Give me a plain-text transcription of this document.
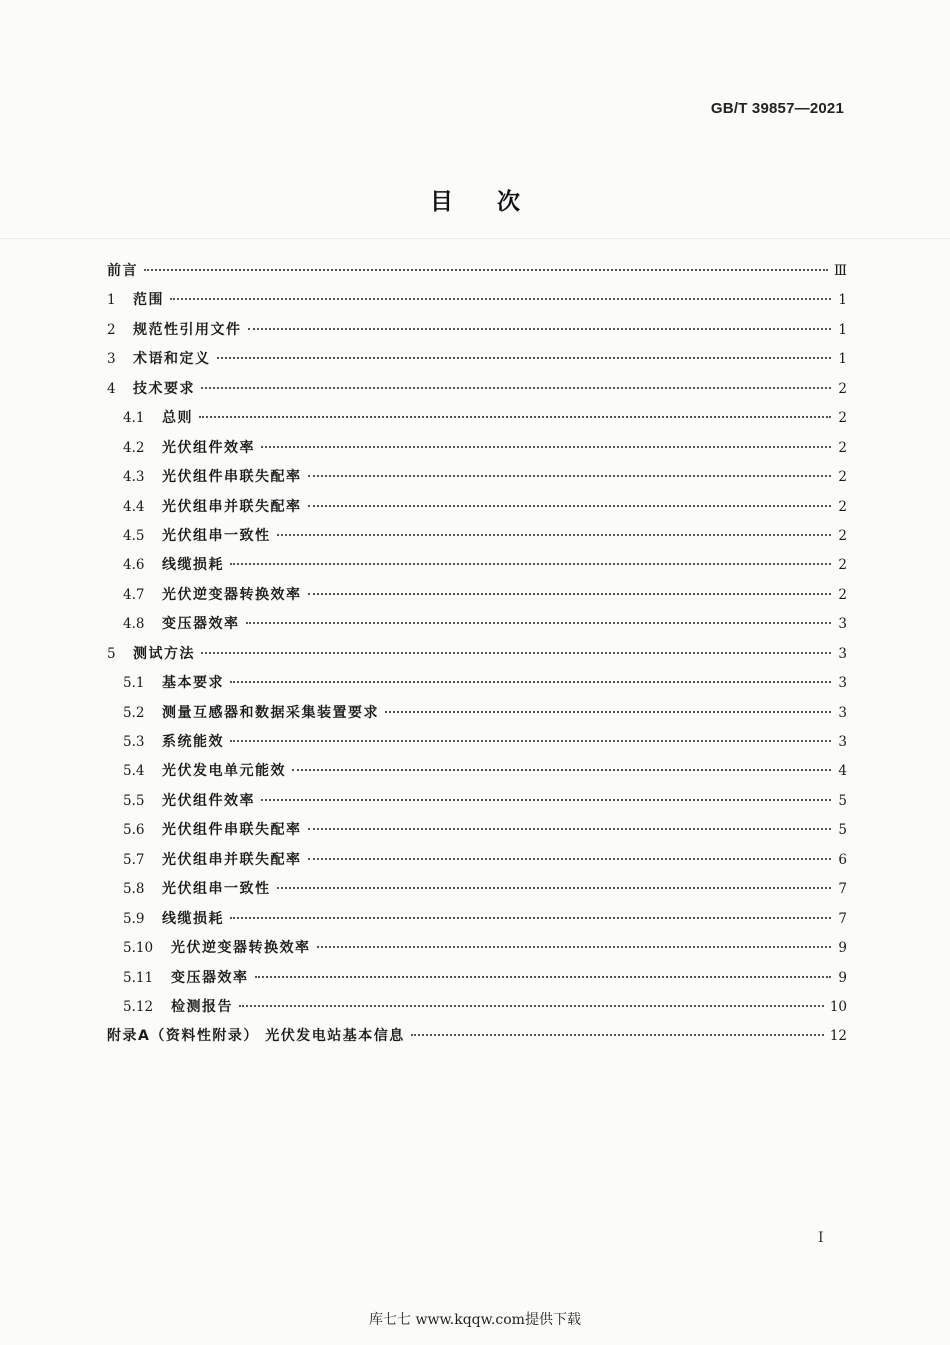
GB/T 39857—2021
目次
前言	Ⅲ
1	范围	1
2	规范性引用文件	1
3	术语和定义	1
4	技术要求	2
4.1	总则	2
4.2	光伏组件效率	2
4.3	光伏组件串联失配率	2
4.4	光伏组串并联失配率	2
4.5	光伏组串一致性	2
4.6	线缆损耗	2
4.7	光伏逆变器转换效率	2
4.8	变压器效率	3
5	测试方法	3
5.1	基本要求	3
5.2	测量互感器和数据采集装置要求	3
5.3	系统能效	3
5.4	光伏发电单元能效	4
5.5	光伏组件效率	5
5.6	光伏组件串联失配率	5
5.7	光伏组串并联失配率	6
5.8	光伏组串一致性	7
5.9	线缆损耗	7
5.10	光伏逆变器转换效率	9
5.11	变压器效率	9
5.12	检测报告	10
附录A（资料性附录） 光伏发电站基本信息	12
I
库七七 www.kqqw.com提供下载
